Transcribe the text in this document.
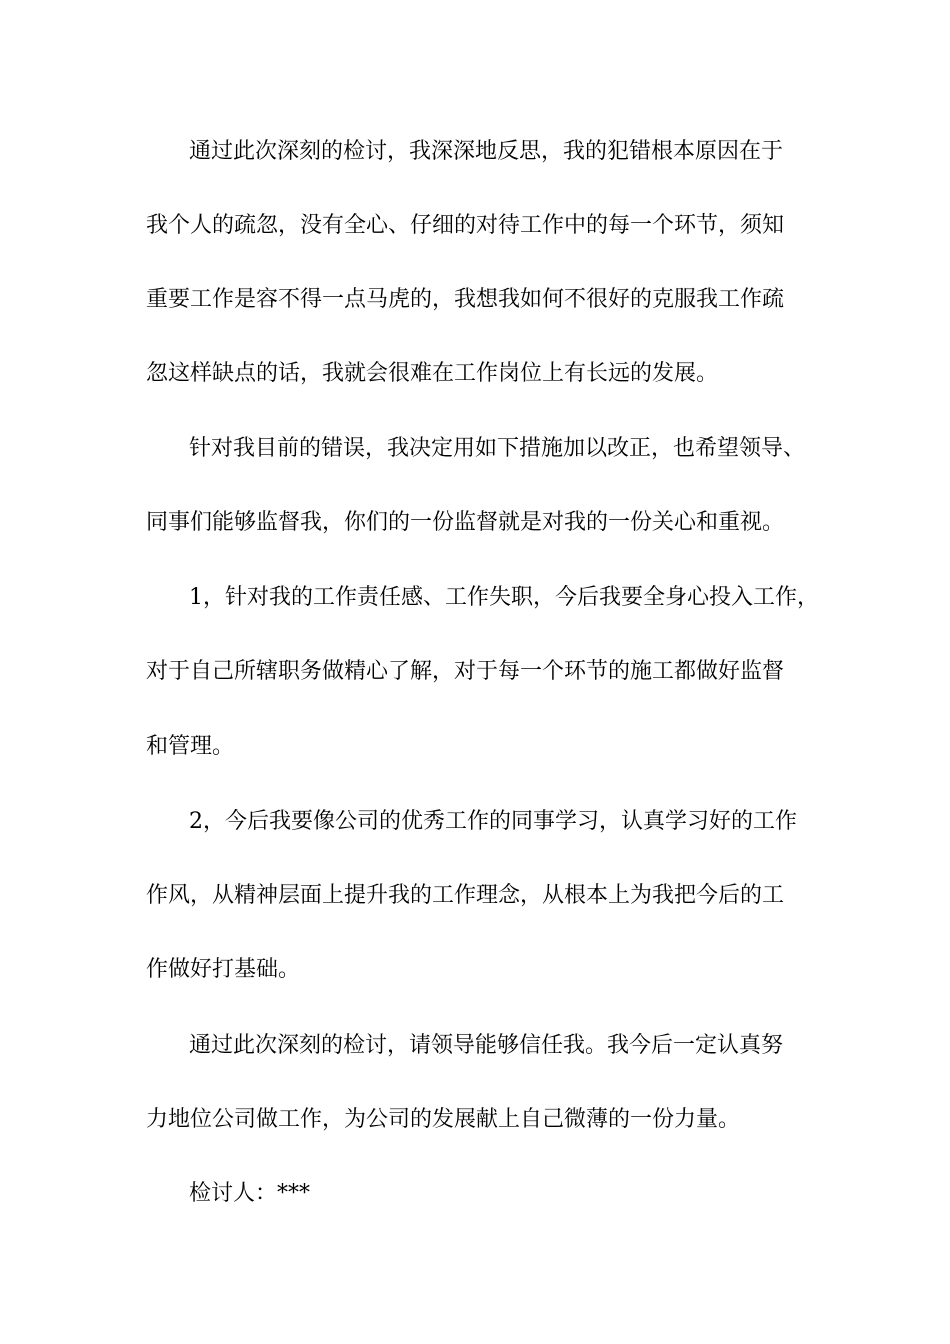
通过此次深刻的检讨，我深深地反思，我的犯错根本原因在于

我个人的疏忽，没有全心、仔细的对待工作中的每一个环节，须知

重要工作是容不得一点马虎的，我想我如何不很好的克服我工作疏

忽这样缺点的话，我就会很难在工作岗位上有长远的发展。

针对我目前的错误，我决定用如下措施加以改正，也希望领导、

同事们能够监督我，你们的一份监督就是对我的一份关心和重视。

1，针对我的工作责任感、工作失职，今后我要全身心投入工作，

对于自己所辖职务做精心了解，对于每一个环节的施工都做好监督

和管理。

2，今后我要像公司的优秀工作的同事学习，认真学习好的工作

作风，从精神层面上提升我的工作理念，从根本上为我把今后的工

作做好打基础。

通过此次深刻的检讨，请领导能够信任我。我今后一定认真努

力地位公司做工作，为公司的发展献上自己微薄的一份力量。

检讨人：***
